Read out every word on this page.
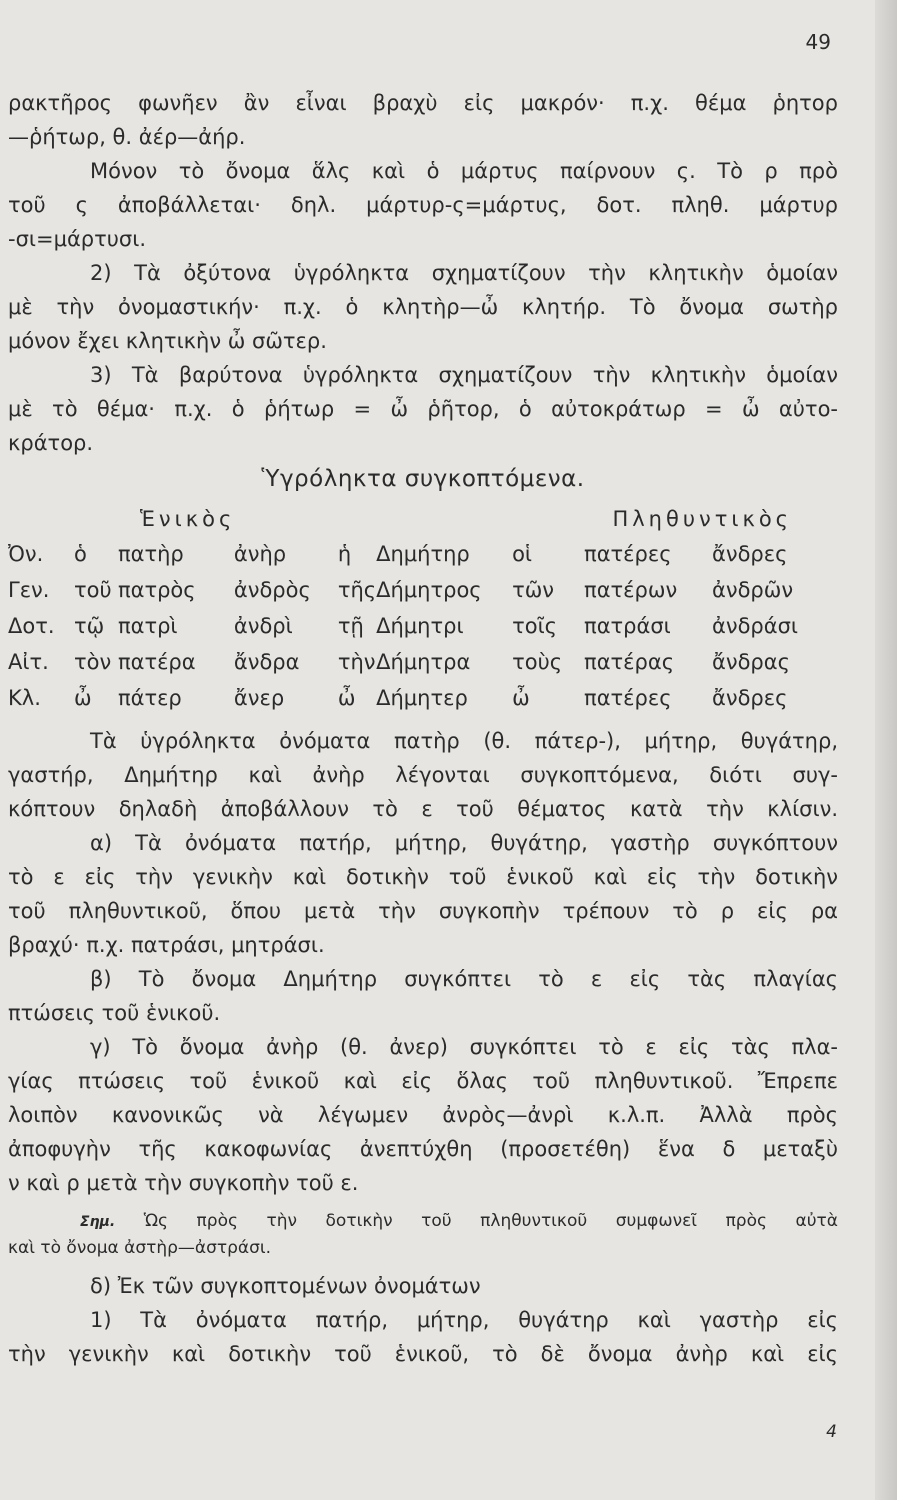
49
ρακτῆρος φωνῆεν ἂν εἶναι βραχὺ εἰς μακρόν· π.χ. θέμα ῥητορ
—ῥήτωρ, θ. ἀέρ—ἀήρ.
Μόνον τὸ ὄνομα ἅλς καὶ ὁ μάρτυς παίρνουν ς. Τὸ ρ πρὸ
τοῦ ς ἀποβάλλεται· δηλ. μάρτυρ-ς=μάρτυς, δοτ. πληθ. μάρτυρ
-σι=μάρτυσι.
2) Τὰ ὀξύτονα ὑγρόληκτα σχηματίζουν τὴν κλητικὴν ὁμοίαν
μὲ τὴν ὀνομαστικήν· π.χ. ὁ κλητὴρ—ὦ κλητήρ. Τὸ ὄνομα σωτὴρ
μόνον ἔχει κλητικὴν ὦ σῶτερ.
3) Τὰ βαρύτονα ὑγρόληκτα σχηματίζουν τὴν κλητικὴν ὁμοίαν
μὲ τὸ θέμα· π.χ. ὁ ῥήτωρ = ὦ ῥῆτορ, ὁ αὐτοκράτωρ = ὦ αὐτο-
κράτορ.
Ὑγρόληκτα συγκοπτόμενα.
Ἑνικὸς	Πληθυντικὸς
Ὀν.	ὁ	πατὴρ	ἀνὴρ	ἡ	Δημήτηρ	οἱ	πατέρες	ἄνδρες
Γεν.	τοῦ	πατρὸς	ἀνδρὸς	τῆς	Δήμητρος	τῶν	πατέρων	ἀνδρῶν
Δοτ.	τῷ	πατρὶ	ἀνδρὶ	τῇ	Δήμητρι	τοῖς	πατράσι	ἀνδράσι
Αἰτ.	τὸν	πατέρα	ἄνδρα	τὴν	Δήμητρα	τοὺς	πατέρας	ἄνδρας
Κλ.	ὦ	πάτερ	ἄνερ	ὦ	Δήμητερ	ὦ	πατέρες	ἄνδρες
Τὰ ὑγρόληκτα ὀνόματα πατὴρ (θ. πάτερ-), μήτηρ, θυγάτηρ,
γαστήρ, Δημήτηρ καὶ ἀνὴρ λέγονται συγκοπτόμενα, διότι συγ-
κόπτουν δηλαδὴ ἀποβάλλουν τὸ ε τοῦ θέματος κατὰ τὴν κλίσιν.
α) Τὰ ὀνόματα πατήρ, μήτηρ, θυγάτηρ, γαστὴρ συγκόπτουν
τὸ ε εἰς τὴν γενικὴν καὶ δοτικὴν τοῦ ἑνικοῦ καὶ εἰς τὴν δοτικὴν
τοῦ πληθυντικοῦ, ὅπου μετὰ τὴν συγκοπὴν τρέπουν τὸ ρ εἰς ρα
βραχύ· π.χ. πατράσι, μητράσι.
β) Τὸ ὄνομα Δημήτηρ συγκόπτει τὸ ε εἰς τὰς πλαγίας
πτώσεις τοῦ ἑνικοῦ.
γ) Τὸ ὄνομα ἀνὴρ (θ. ἀνερ) συγκόπτει τὸ ε εἰς τὰς πλα-
γίας πτώσεις τοῦ ἑνικοῦ καὶ εἰς ὅλας τοῦ πληθυντικοῦ. Ἔπρεπε
λοιπὸν κανονικῶς νὰ λέγωμεν ἀνρὸς—ἀνρὶ κ.λ.π. Ἀλλὰ πρὸς
ἀποφυγὴν τῆς κακοφωνίας ἀνεπτύχθη (προσετέθη) ἕνα δ μεταξὺ
ν καὶ ρ μετὰ τὴν συγκοπὴν τοῦ ε.
Σημ. Ὡς πρὸς τὴν δοτικὴν τοῦ πληθυντικοῦ συμφωνεῖ πρὸς αὐτὰ
καὶ τὸ ὄνομα ἀστὴρ—ἀστράσι.
δ) Ἐκ τῶν συγκοπτομένων ὀνομάτων
1) Τὰ ὀνόματα πατήρ, μήτηρ, θυγάτηρ καὶ γαστὴρ εἰς
τὴν γενικὴν καὶ δοτικὴν τοῦ ἑνικοῦ, τὸ δὲ ὄνομα ἀνὴρ καὶ εἰς
4
